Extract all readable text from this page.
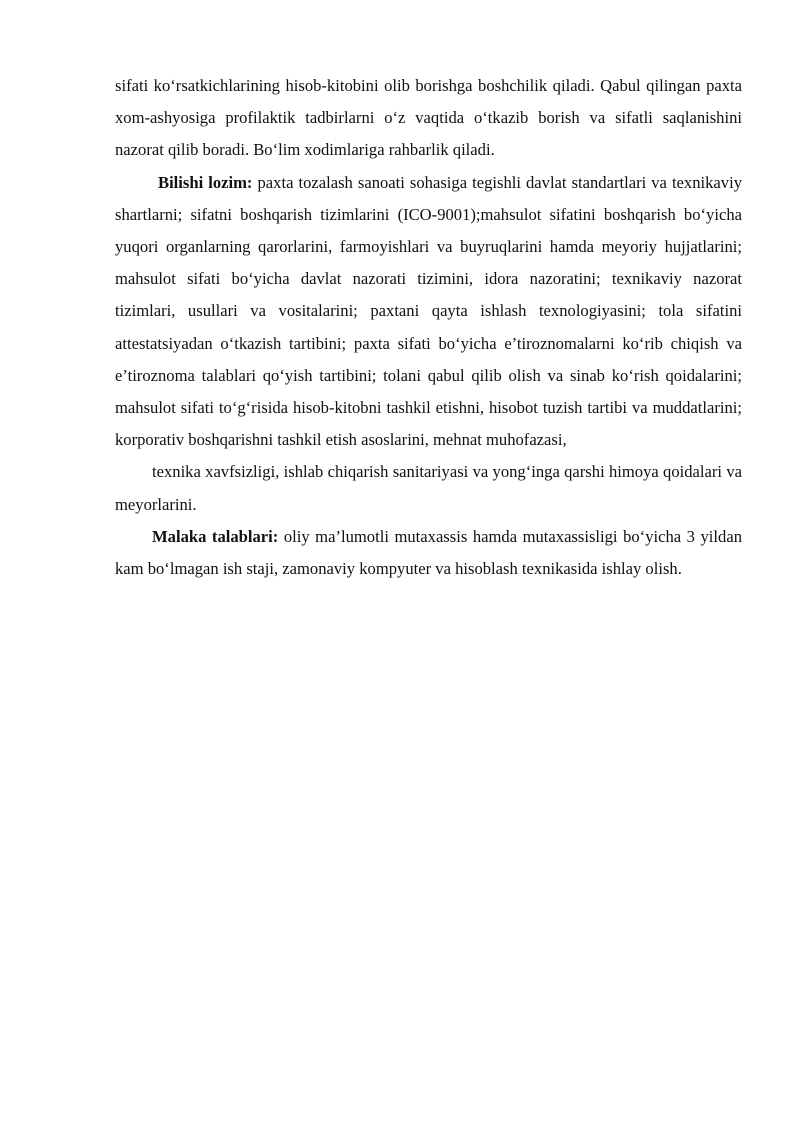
sifati ko‘rsatkichlarining hisob-kitobini olib borishga boshchilik qiladi. Qabul qilingan paxta xom-ashyosiga profilaktik tadbirlarni o‘z vaqtida o‘tkazib borish va sifatli saqlanishini nazorat qilib boradi. Bo‘lim xodimlariga rahbarlik qiladi.

Bilishi lozim: paxta tozalash sanoati sohasiga tegishli davlat standartlari va texnikaviy shartlarni; sifatni boshqarish tizimlarini (ICO-9001);mahsulot sifatini boshqarish bo‘yicha yuqori organlarning qarorlarini, farmoyishlari va buyruqlarini hamda meyoriy hujjatlarini; mahsulot sifati bo‘yicha davlat nazorati tizimini, idora nazoratini; texnikaviy nazorat tizimlari, usullari va vositalarini; paxtani qayta ishlash texnologiyasini; tola sifatini attestatsiyadan o‘tkazish tartibini; paxta sifati bo‘yicha e’tiroznomalarni ko‘rib chiqish va e’tiroznoma talablari qo‘yish tartibini; tolani qabul qilib olish va sinab ko‘rish qoidalarini; mahsulot sifati to‘g‘risida hisob-kitobni tashkil etishni, hisobot tuzish tartibi va muddatlarini; korporativ boshqarishni tashkil etish asoslarini, mehnat muhofazasi,

texnika xavfsizligi, ishlab chiqarish sanitariyasi va yong‘inga qarshi himoya qoidalari va meyorlarini.

Malaka talablari: oliy ma’lumotli mutaxassis hamda mutaxassisligi bo‘yicha 3 yildan kam bo‘lmagan ish staji, zamonaviy kompyuter va hisoblash texnikasida ishlay olish.
